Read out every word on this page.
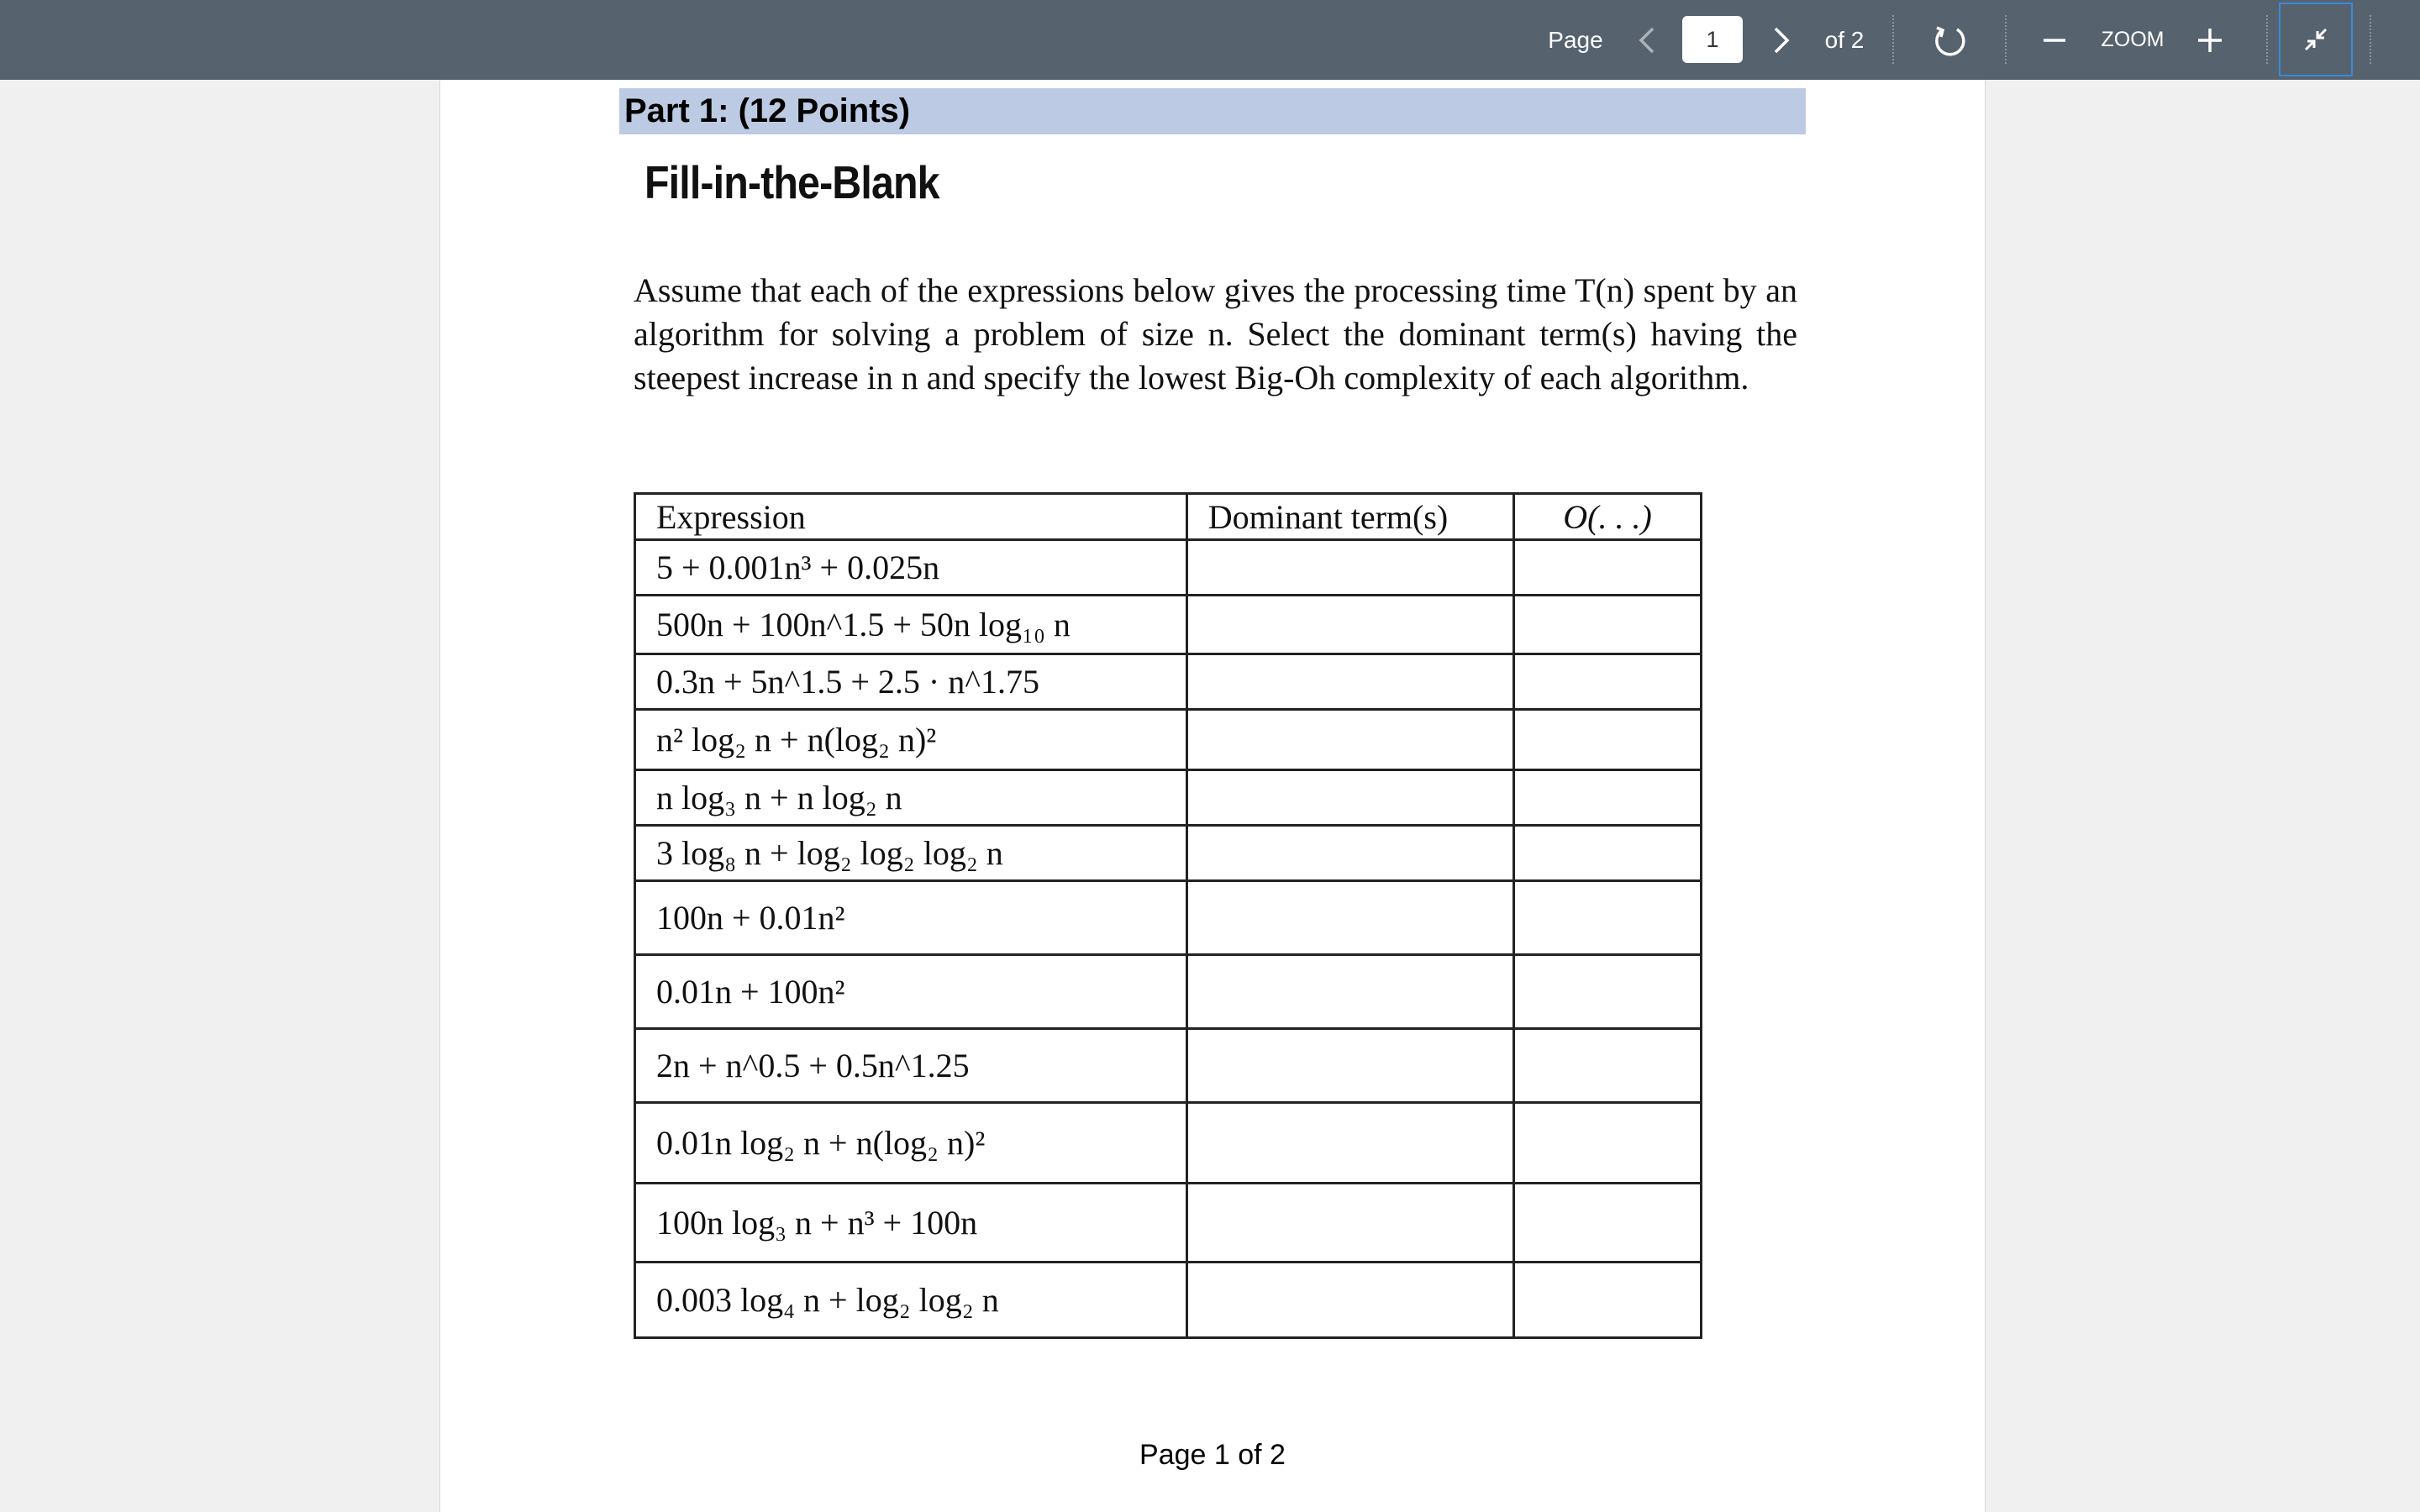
Page
1	of 2	ZOOM
Part 1: (12 Points)
Fill-in-the-Blank
Assume that each of the expressions below gives the processing time T(n) spent by an algorithm for solving a problem of size n. Select the dominant term(s) having the steepest increase in n and specify the lowest Big-Oh complexity of each algorithm.
Expression	Dominant term(s)	O(. . .)
5 + 0.001n³ + 0.025n		
500n + 100n^1.5 + 50n log₁₀ n		
0.3n + 5n^1.5 + 2.5 · n^1.75		
n² log₂ n + n(log₂ n)²		
n log₃ n + n log₂ n		
3 log₈ n + log₂ log₂ log₂ n		
100n + 0.01n²		
0.01n + 100n²		
2n + n^0.5 + 0.5n^1.25		
0.01n log₂ n + n(log₂ n)²		
100n log₃ n + n³ + 100n		
0.003 log₄ n + log₂ log₂ n		
Page 1 of 2
